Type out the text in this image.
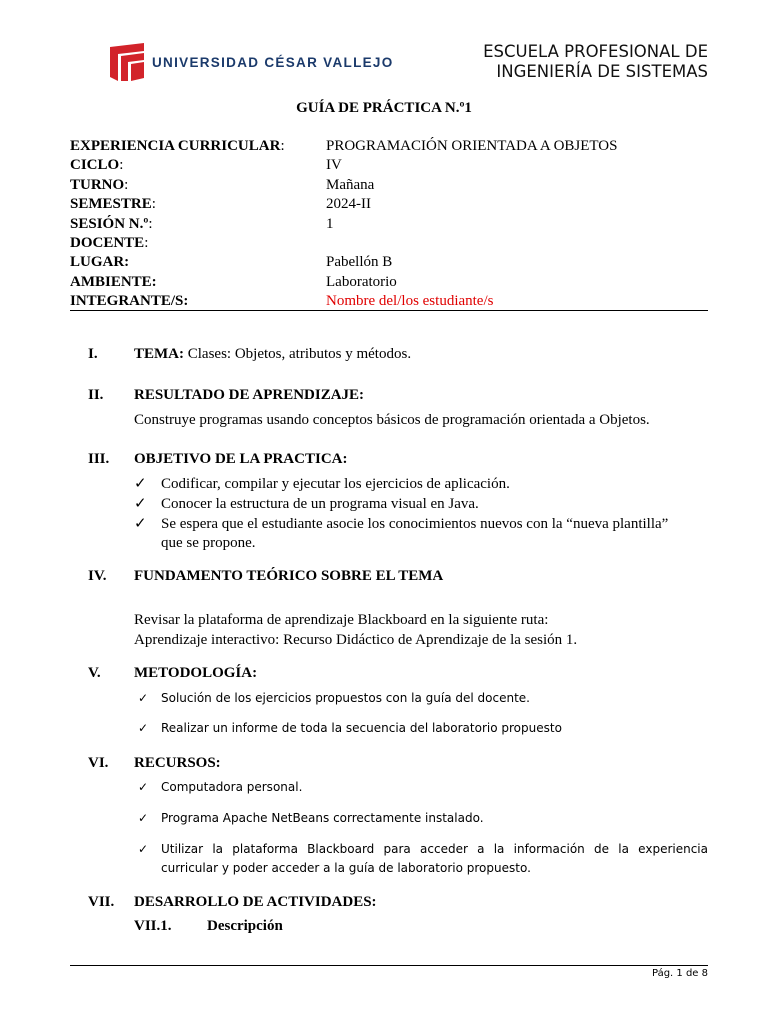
UNIVERSIDAD CÉSAR VALLEJO
ESCUELA PROFESIONAL DE
INGENIERÍA DE SISTEMAS
GUÍA DE PRÁCTICA N.º1
EXPERIENCIA CURRICULAR:	PROGRAMACIÓN ORIENTADA A OBJETOS
CICLO:	IV
TURNO:	Mañana
SEMESTRE:	2024-II
SESIÓN N.º:	1
DOCENTE:
LUGAR:	Pabellón B
AMBIENTE:	Laboratorio
INTEGRANTE/S:	Nombre del/los estudiante/s
I. TEMA: Clases: Objetos, atributos y métodos.
II. RESULTADO DE APRENDIZAJE:
Construye programas usando conceptos básicos de programación orientada a Objetos.
III. OBJETIVO DE LA PRACTICA:
✓ Codificar, compilar y ejecutar los ejercicios de aplicación.
✓ Conocer la estructura de un programa visual en Java.
✓ Se espera que el estudiante asocie los conocimientos nuevos con la “nueva plantilla”
que se propone.
IV. FUNDAMENTO TEÓRICO SOBRE EL TEMA
Revisar la plataforma de aprendizaje Blackboard en la siguiente ruta:
Aprendizaje interactivo: Recurso Didáctico de Aprendizaje de la sesión 1.
V. METODOLOGÍA:
✓ Solución de los ejercicios propuestos con la guía del docente.
✓ Realizar un informe de toda la secuencia del laboratorio propuesto
VI. RECURSOS:
✓ Computadora personal.
✓ Programa Apache NetBeans correctamente instalado.
✓ Utilizar la plataforma Blackboard para acceder a la información de la experiencia curricular y poder acceder a la guía de laboratorio propuesto.
VII. DESARROLLO DE ACTIVIDADES:
VII.1. Descripción
Pág. 1 de 8
